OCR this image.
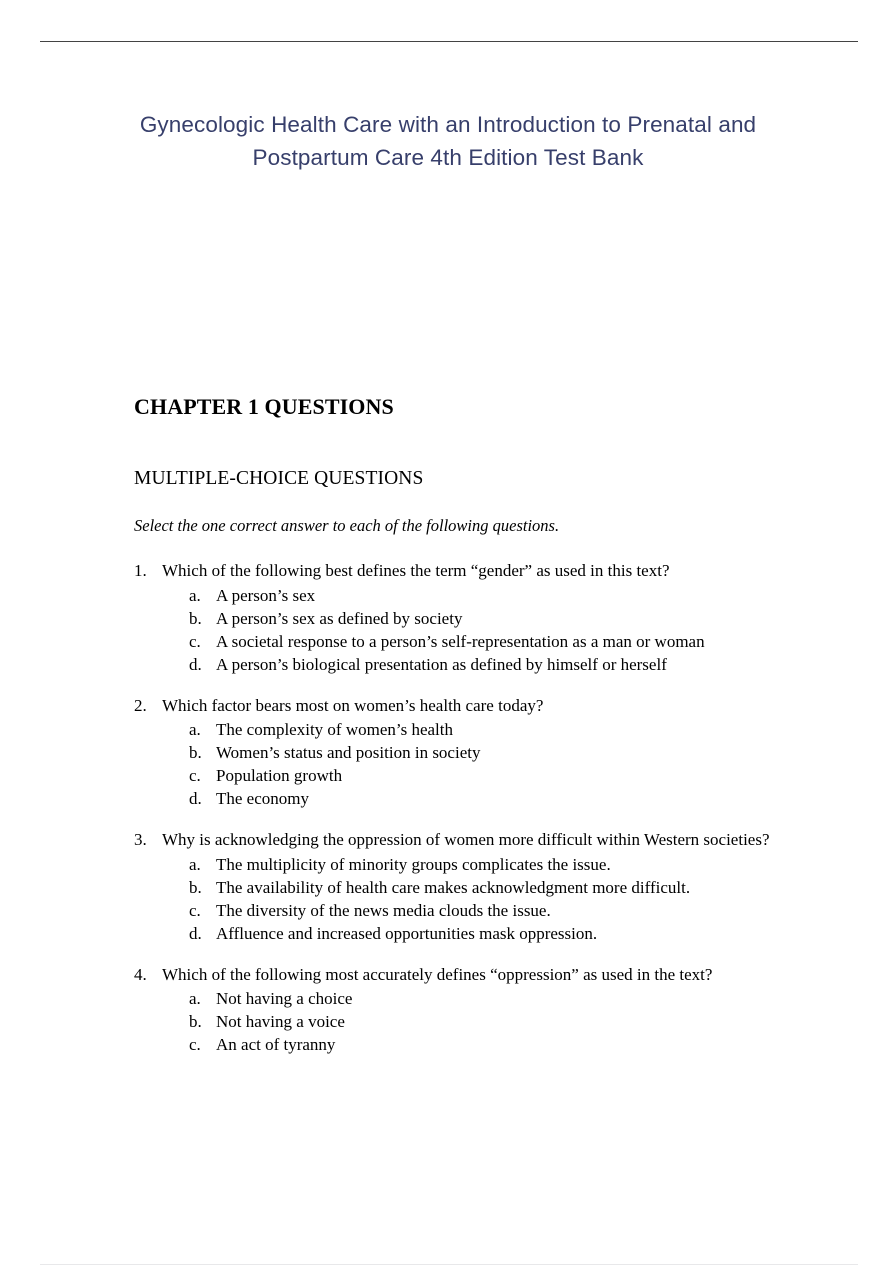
Gynecologic Health Care with an Introduction to Prenatal and Postpartum Care 4th Edition Test Bank
CHAPTER 1 QUESTIONS
MULTIPLE-CHOICE QUESTIONS
Select the one correct answer to each of the following questions.
1. Which of the following best defines the term “gender” as used in this text?
a. A person’s sex
b. A person’s sex as defined by society
c. A societal response to a person’s self-representation as a man or woman
d. A person’s biological presentation as defined by himself or herself
2. Which factor bears most on women’s health care today?
a. The complexity of women’s health
b. Women’s status and position in society
c. Population growth
d. The economy
3. Why is acknowledging the oppression of women more difficult within Western societies?
a. The multiplicity of minority groups complicates the issue.
b. The availability of health care makes acknowledgment more difficult.
c. The diversity of the news media clouds the issue.
d. Affluence and increased opportunities mask oppression.
4. Which of the following most accurately defines “oppression” as used in the text?
a. Not having a choice
b. Not having a voice
c. An act of tyranny
